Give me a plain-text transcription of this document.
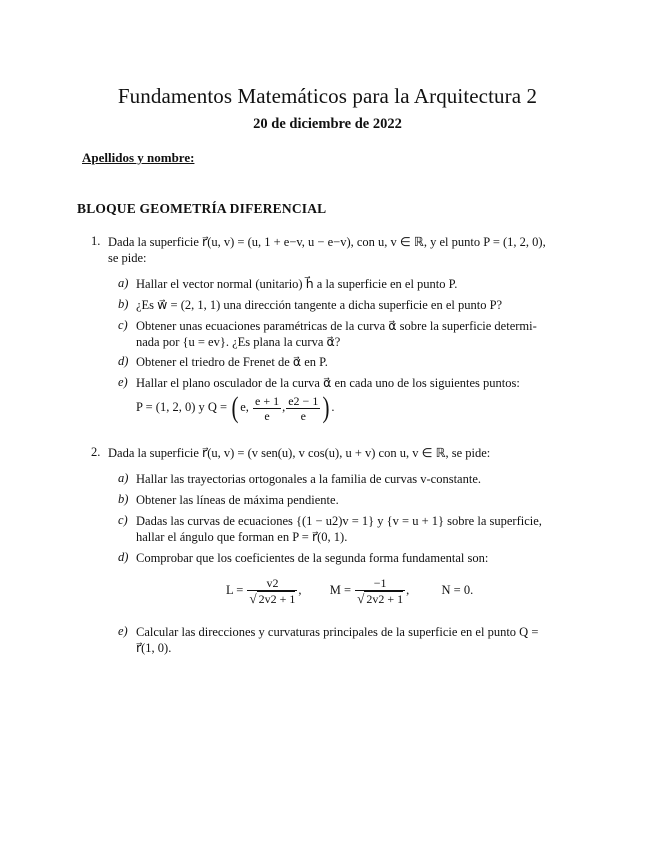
Fundamentos Matemáticos para la Arquitectura 2
20 de diciembre de 2022
Apellidos y nombre:
BLOQUE GEOMETRÍA DIFERENCIAL
1. Dada la superficie r⃗(u, v) = (u, 1 + e−v, u − e−v), con u, v ∈ ℝ, y el punto P = (1, 2, 0),
se pide:
a) Hallar el vector normal (unitario) h⃗ a la superficie en el punto P.
b) ¿Es w⃗ = (2, 1, 1) una dirección tangente a dicha superficie en el punto P?
c) Obtener unas ecuaciones paramétricas de la curva α⃗ sobre la superficie determi-
nada por {u = ev}. ¿Es plana la curva α⃗?
d) Obtener el triedro de Frenet de α⃗ en P.
e) Hallar el plano osculador de la curva α⃗ en cada uno de los siguientes puntos:
P = (1, 2, 0) y Q = ( e, $\frac{e + 1}{e}$ , $\frac{e2 - 1}{e}$ ) .
2. Dada la superficie r⃗(u, v) = (v sen(u), v cos(u), u + v) con u, v ∈ ℝ, se pide:
a) Hallar las trayectorias ortogonales a la familia de curvas v-constante.
b) Obtener las líneas de máxima pendiente.
c) Dadas las curvas de ecuaciones {(1 − u2)v = 1} y {v = u + 1} sobre la superficie,
hallar el ángulo que forman en P = r⃗(0, 1).
d) Comprobar que los coeficientes de la segunda forma fundamental son:
$L = \frac{v2}{√ 2v2 + 1}$ , $M = \frac{-1}{√ 2v2 + 1}$ ,	N = 0.
e) Calcular las direcciones y curvaturas principales de la superficie en el punto Q =
r⃗(1, 0).
